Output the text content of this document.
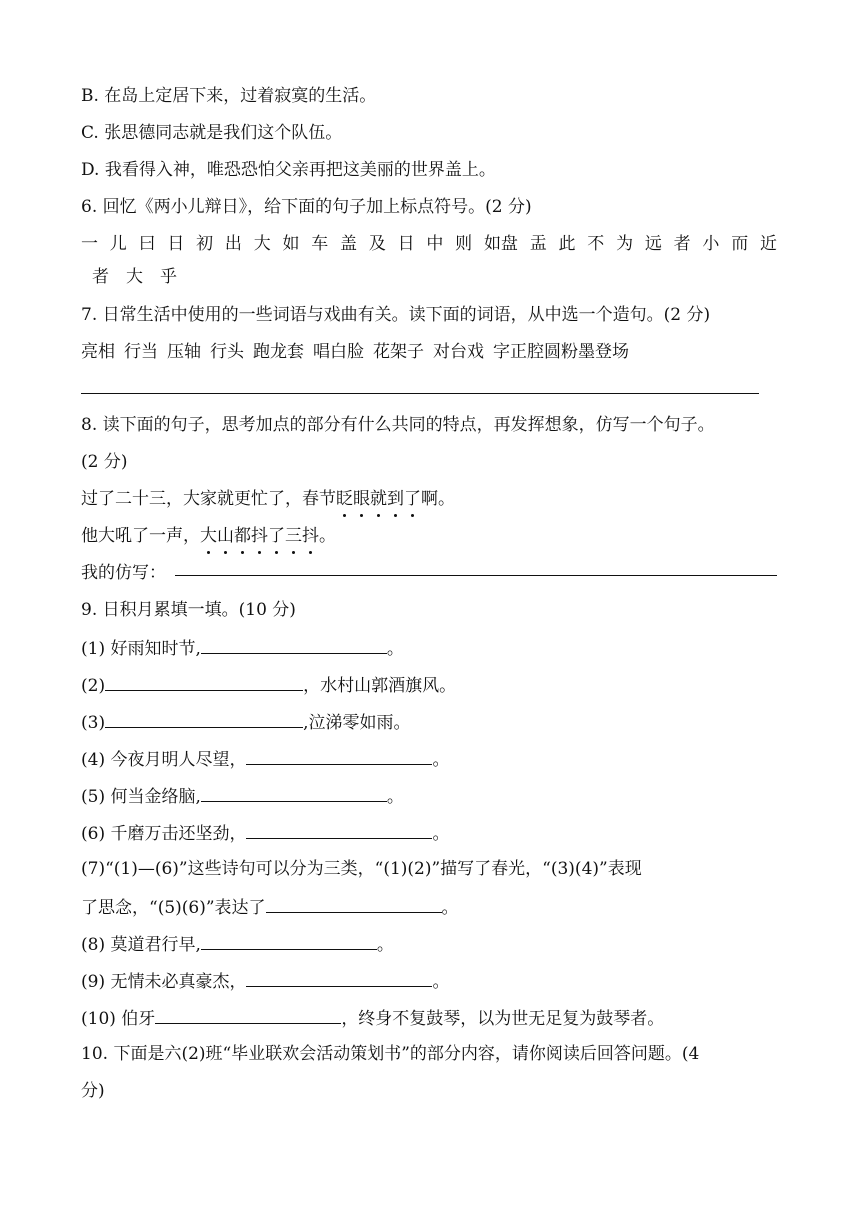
B. 在岛上定居下来，过着寂寞的生活。
C. 张思德同志就是我们这个队伍。
D. 我看得入神，唯恐恐怕父亲再把这美丽的世界盖上。
6. 回忆《两小儿辩日》，给下面的句子加上标点符号。(2 分)
一 儿 曰 日 初 出 大 如 车 盖 及 日 中 则 如盘 盂 此 不 为 远 者 小 而 近
者 大 乎
7. 日常生活中使用的一些词语与戏曲有关。读下面的词语，从中选一个造句。(2 分)
亮相 行当 压轴 行头 跑龙套 唱白脸 花架子 对台戏 字正腔圆粉墨登场
8. 读下面的句子，思考加点的部分有什么共同的特点，再发挥想象，仿写一个句子。
(2 分)
过了二十三，大家就更忙了，春节眨眼就到了啊。
他大吼了一声，大山都抖了三抖。
我的仿写：
9. 日积月累填一填。(10 分)
(1) 好雨知时节,	。
(2)	，水村山郭酒旗风。
(3)	,泣涕零如雨。
(4) 今夜月明人尽望，	。
(5) 何当金络脑,	。
(6) 千磨万击还坚劲，	。
(7)“(1)—(6)”这些诗句可以分为三类，“(1)(2)”描写了春光，“(3)(4)”表现
了思念，“(5)(6)”表达了	。
(8) 莫道君行早,	。
(9) 无情未必真豪杰，	。
(10) 伯牙	，终身不复鼓琴，以为世无足复为鼓琴者。
10. 下面是六(2)班“毕业联欢会活动策划书”的部分内容，请你阅读后回答问题。(4
分)
